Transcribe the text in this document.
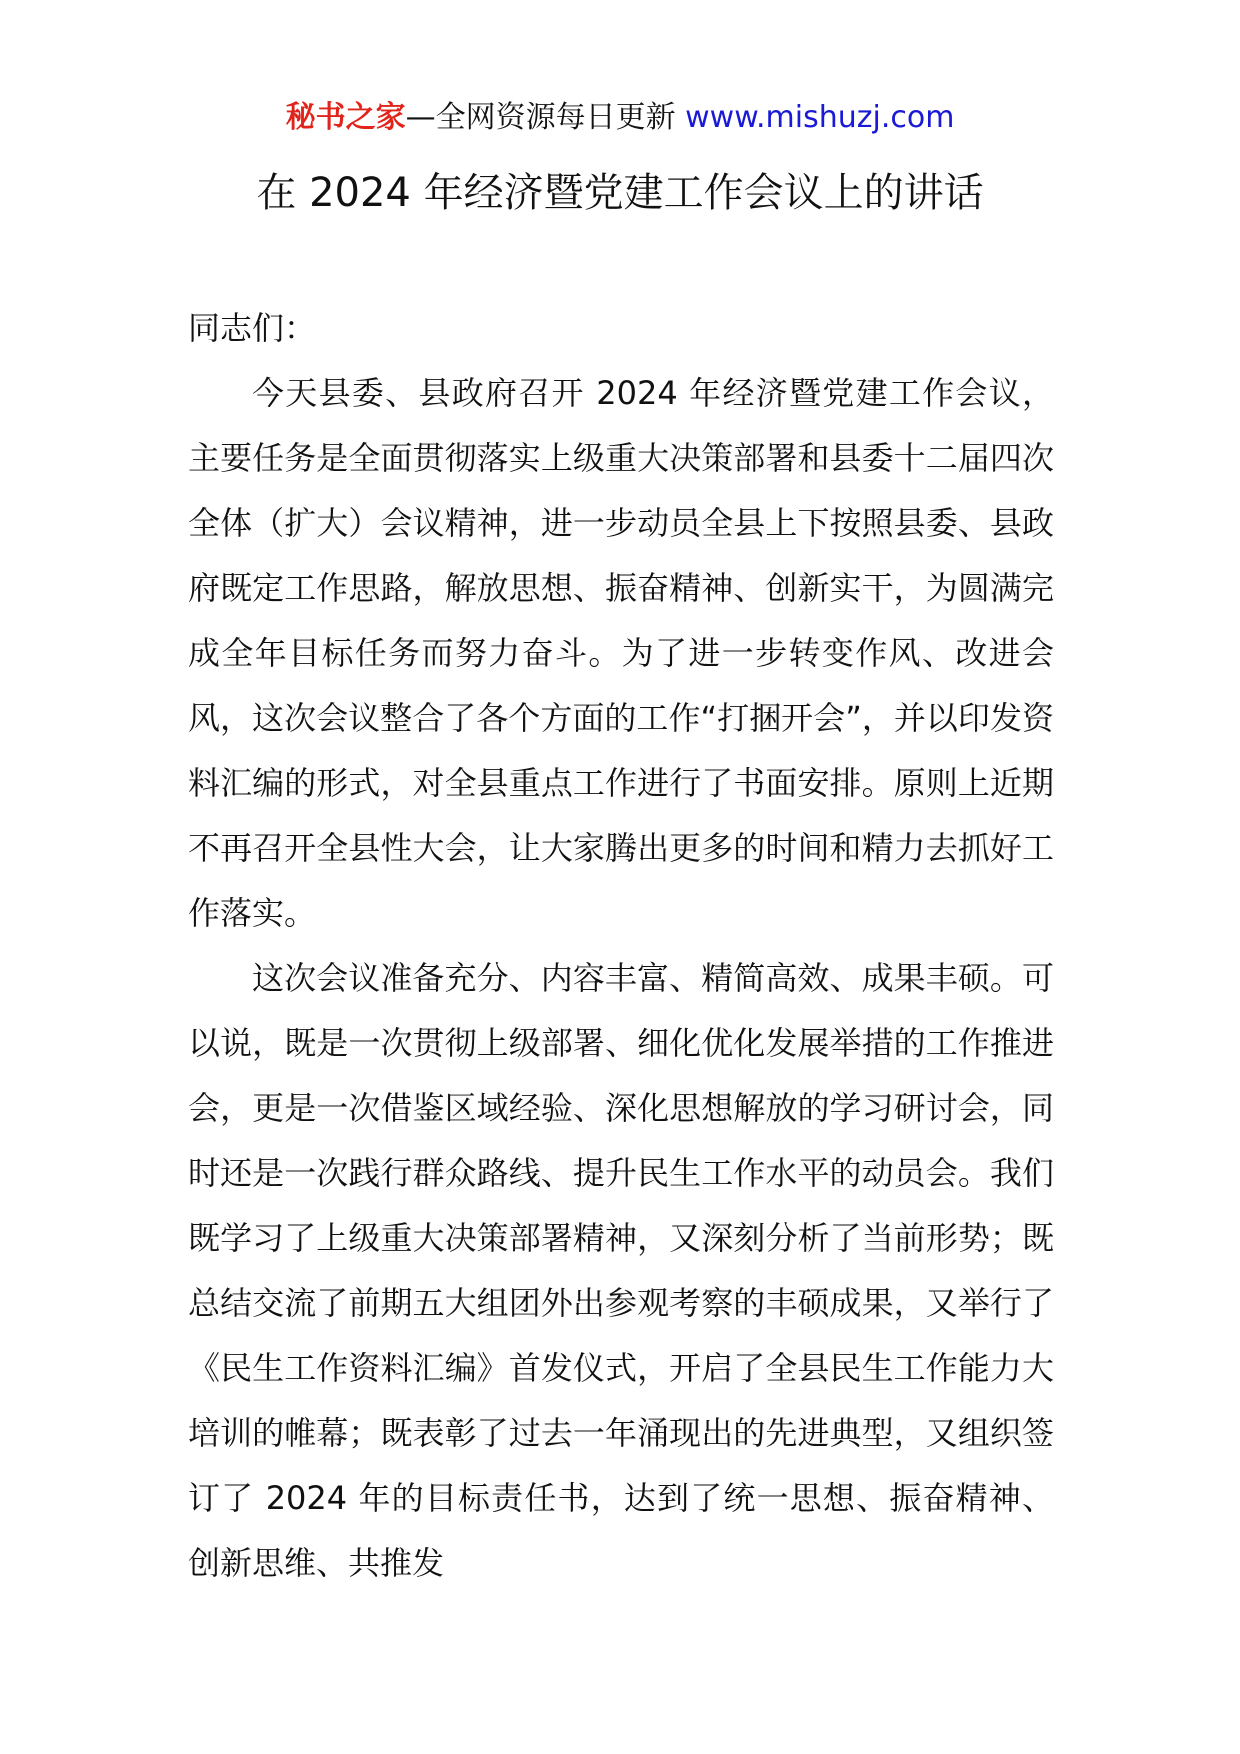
秘书之家—全网资源每日更新 www.mishuzj.com
在 2024 年经济暨党建工作会议上的讲话

同志们：

今天县委、县政府召开 2024 年经济暨党建工作会议，主要任务是全面贯彻落实上级重大决策部署和县委十二届四次全体（扩大）会议精神，进一步动员全县上下按照县委、县政府既定工作思路，解放思想、振奋精神、创新实干，为圆满完成全年目标任务而努力奋斗。为了进一步转变作风、改进会风，这次会议整合了各个方面的工作“打捆开会”，并以印发资料汇编的形式，对全县重点工作进行了书面安排。原则上近期不再召开全县性大会，让大家腾出更多的时间和精力去抓好工作落实。

这次会议准备充分、内容丰富、精简高效、成果丰硕。可以说，既是一次贯彻上级部署、细化优化发展举措的工作推进会，更是一次借鉴区域经验、深化思想解放的学习研讨会，同时还是一次践行群众路线、提升民生工作水平的动员会。我们既学习了上级重大决策部署精神，又深刻分析了当前形势；既总结交流了前期五大组团外出参观考察的丰硕成果，又举行了《民生工作资料汇编》首发仪式，开启了全县民生工作能力大培训的帷幕；既表彰了过去一年涌现出的先进典型，又组织签订了 2024 年的目标责任书，达到了统一思想、振奋精神、创新思维、共推发
